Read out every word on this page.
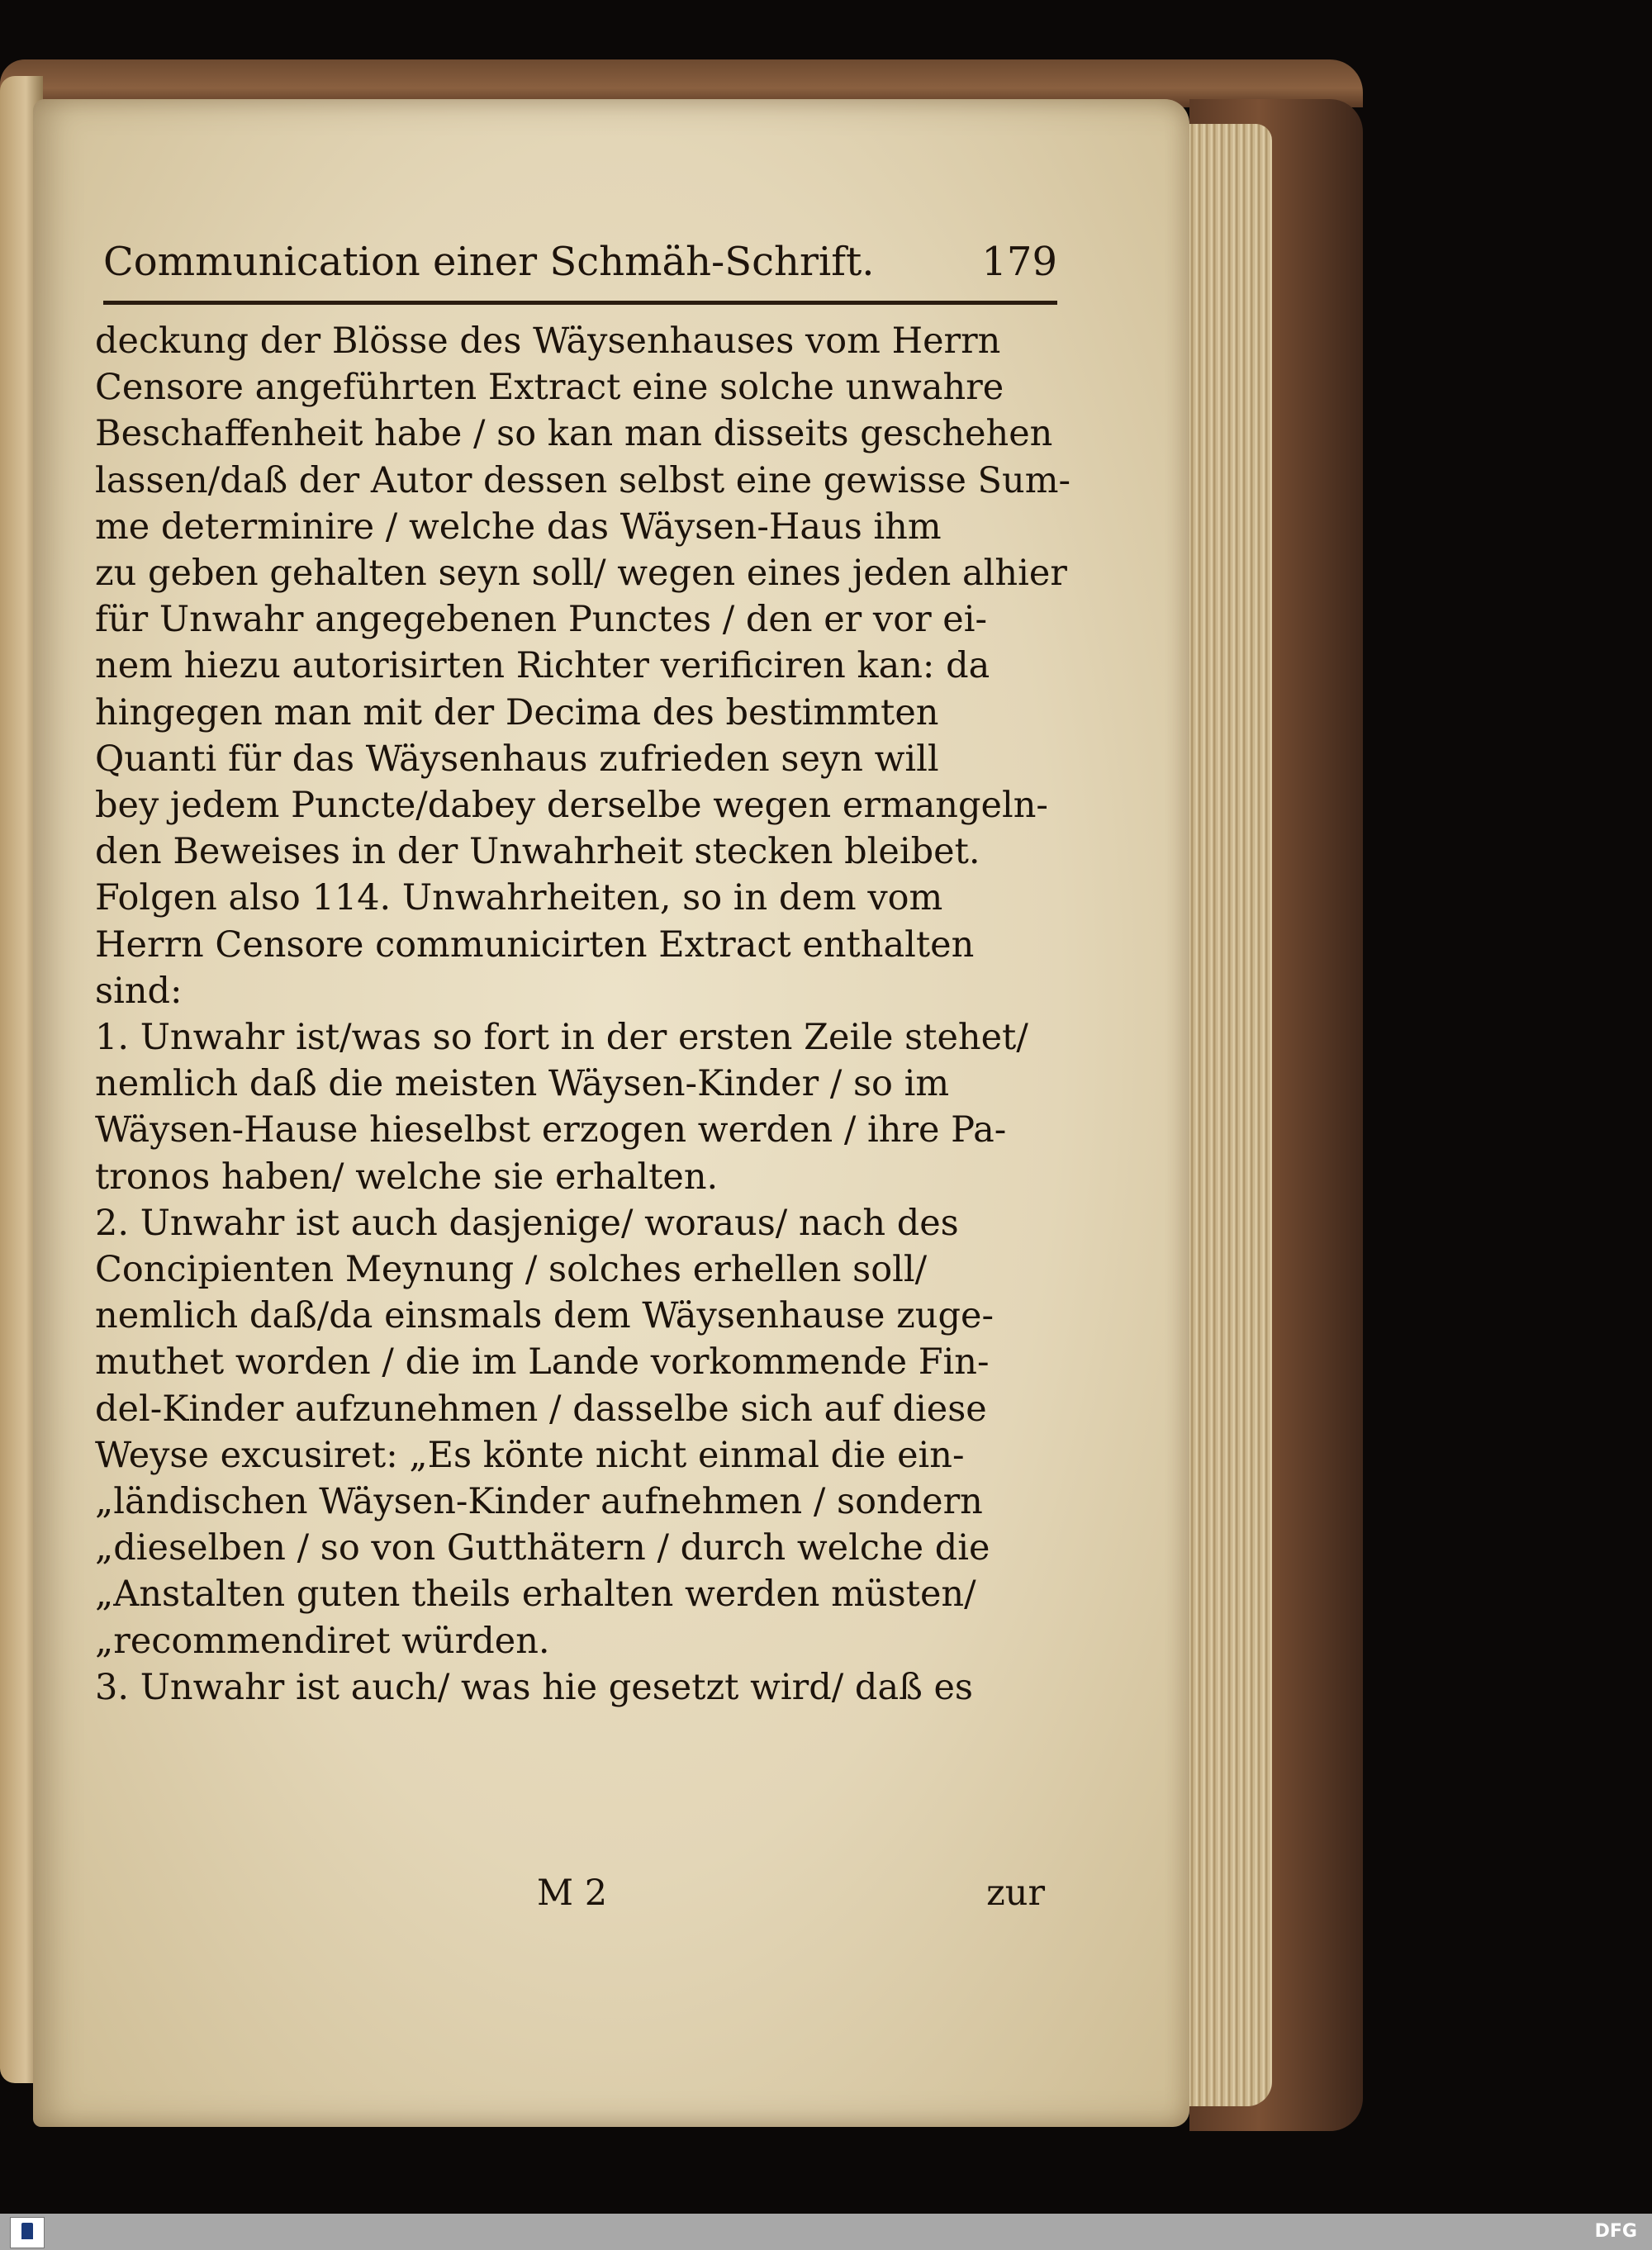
Communication einer Schmäh-Schrift.	179

deckung der Blösse des Wäysenhauses vom Herrn

Censore angeführten Extract eine solche unwahre

Beschaffenheit habe / so kan man disseits geschehen

lassen/daß der Autor dessen selbst eine gewisse Sum-

me determinire / welche das Wäysen-Haus ihm

zu geben gehalten seyn soll/ wegen eines jeden alhier

für Unwahr angegebenen Punctes / den er vor ei-

nem hiezu autorisirten Richter verificiren kan: da

hingegen man mit der Decima des bestimmten

Quanti für das Wäysenhaus zufrieden seyn will

bey jedem Puncte/dabey derselbe wegen ermangeln-

den Beweises in der Unwahrheit stecken bleibet.

Folgen also 114. Unwahrheiten, so in dem vom

Herrn Censore communicirten Extract enthalten

sind:

1. Unwahr ist/was so fort in der ersten Zeile stehet/

nemlich daß die meisten Wäysen-Kinder / so im

Wäysen-Hause hieselbst erzogen werden / ihre Pa-

tronos haben/ welche sie erhalten.

2. Unwahr ist auch dasjenige/ woraus/ nach des

Concipienten Meynung / solches erhellen soll/

nemlich daß/da einsmals dem Wäysenhause zuge-

muthet worden / die im Lande vorkommende Fin-

del-Kinder aufzunehmen / dasselbe sich auf diese

Weyse excusiret: „Es könte nicht einmal die ein-

„ländischen Wäysen-Kinder aufnehmen / sondern

„dieselben / so von Gutthätern / durch welche die

„Anstalten guten theils erhalten werden müsten/

„recommendiret würden.

3. Unwahr ist auch/ was hie gesetzt wird/ daß es

M 2	zur
DFG
